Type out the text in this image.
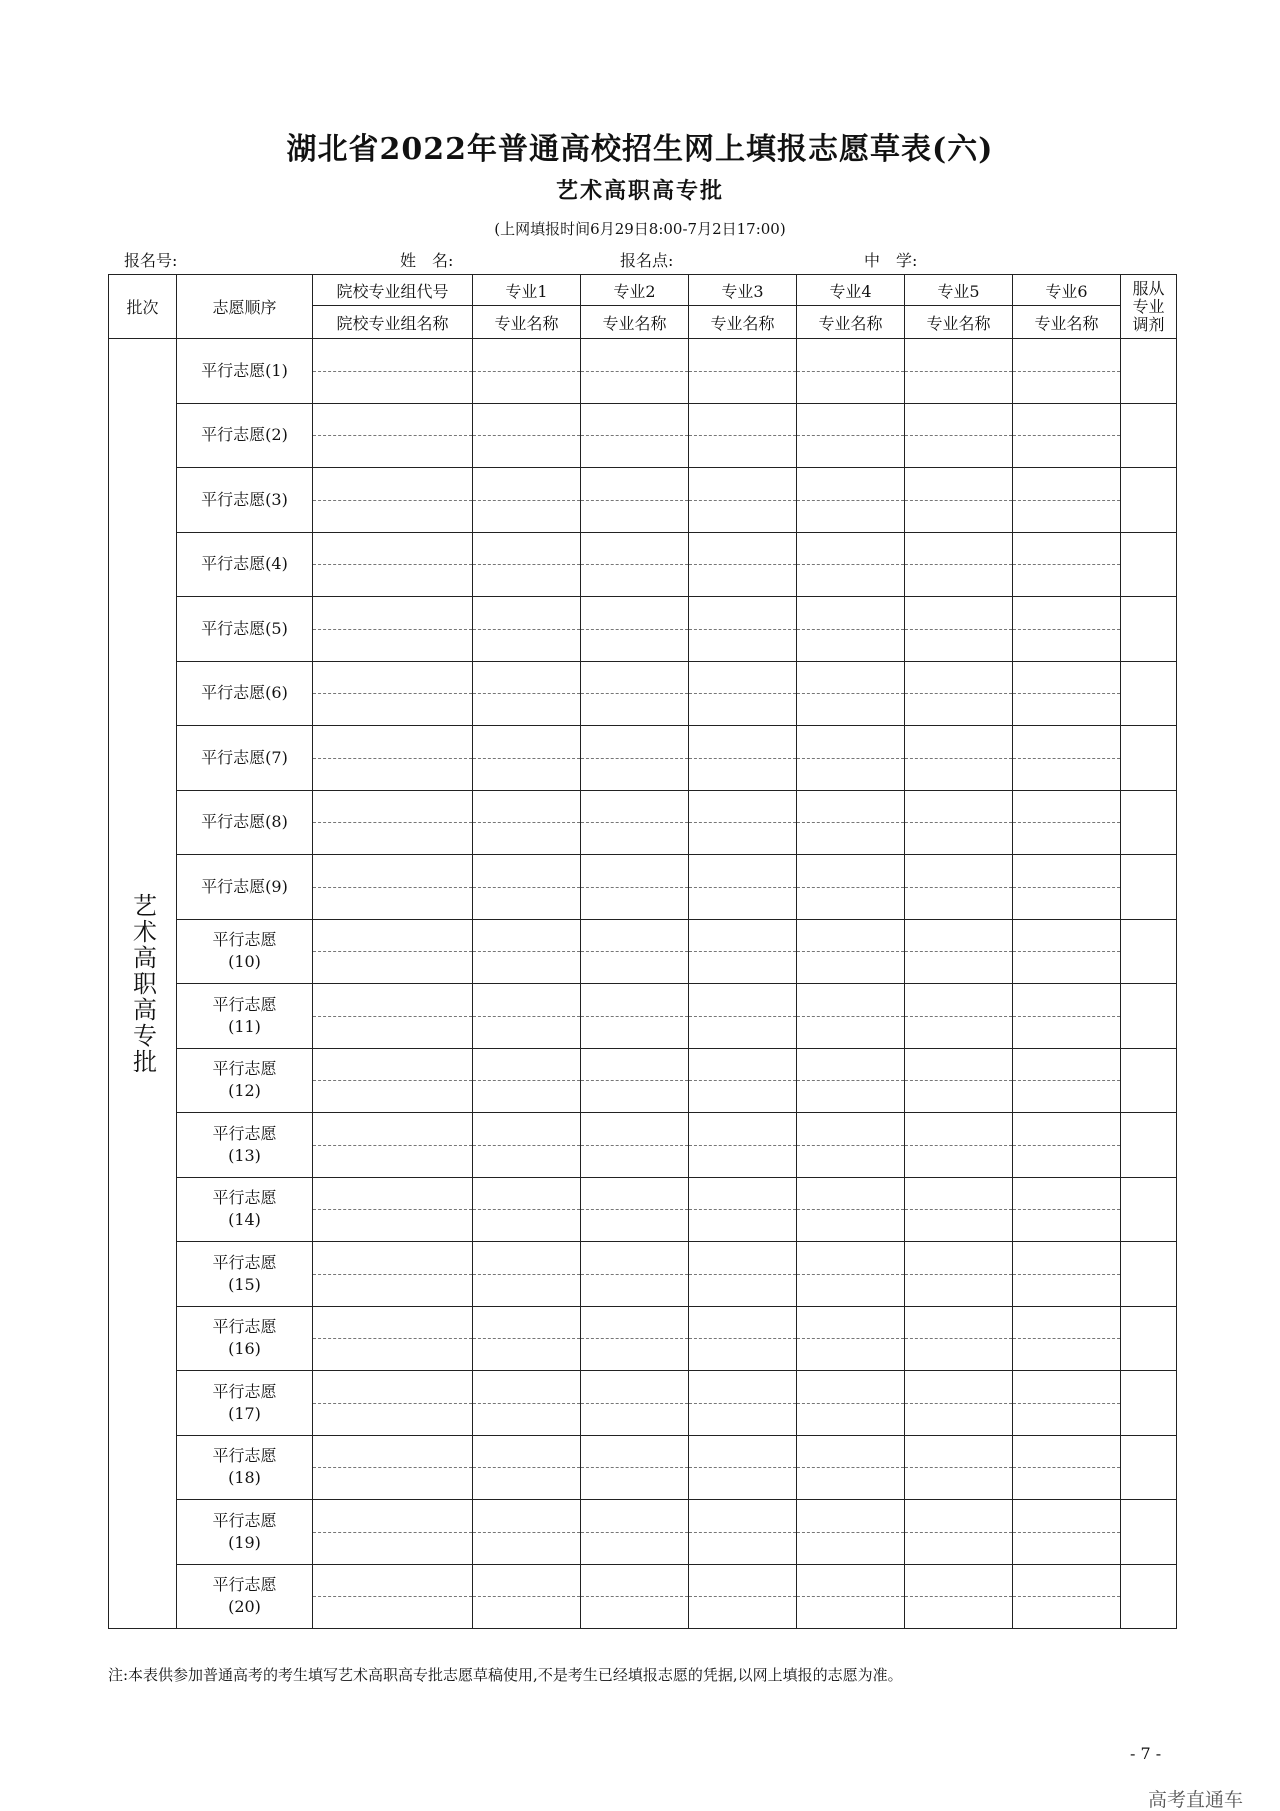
湖北省2022年普通高校招生网上填报志愿草表(六)
艺术高职高专批
(上网填报时间6月29日8:00-7月2日17:00)
报名号:	姓　名:	报名点:	中　学:
批次	志愿顺序	院校专业组代号	专业1	专业2	专业3	专业4	专业5	专业6	服从专业调剂

		院校专业组名称	专业名称	专业名称	专业名称	专业名称	专业名称	专业名称	

艺术高职高专批	平行志愿(1)	

	平行志愿(2)	

	平行志愿(3)	

	平行志愿(4)	

	平行志愿(5)	

	平行志愿(6)	

	平行志愿(7)	

	平行志愿(8)	

	平行志愿(9)	

	平行志愿
(10)	

	平行志愿
(11)	

	平行志愿
(12)	

	平行志愿
(13)	

	平行志愿
(14)	

	平行志愿
(15)	

	平行志愿
(16)	

	平行志愿
(17)	

	平行志愿
(18)	

	平行志愿
(19)	

	平行志愿
(20)	

注:本表供参加普通高考的考生填写艺术高职高专批志愿草稿使用,不是考生已经填报志愿的凭据,以网上填报的志愿为准。
- 7 -
高考直通车
